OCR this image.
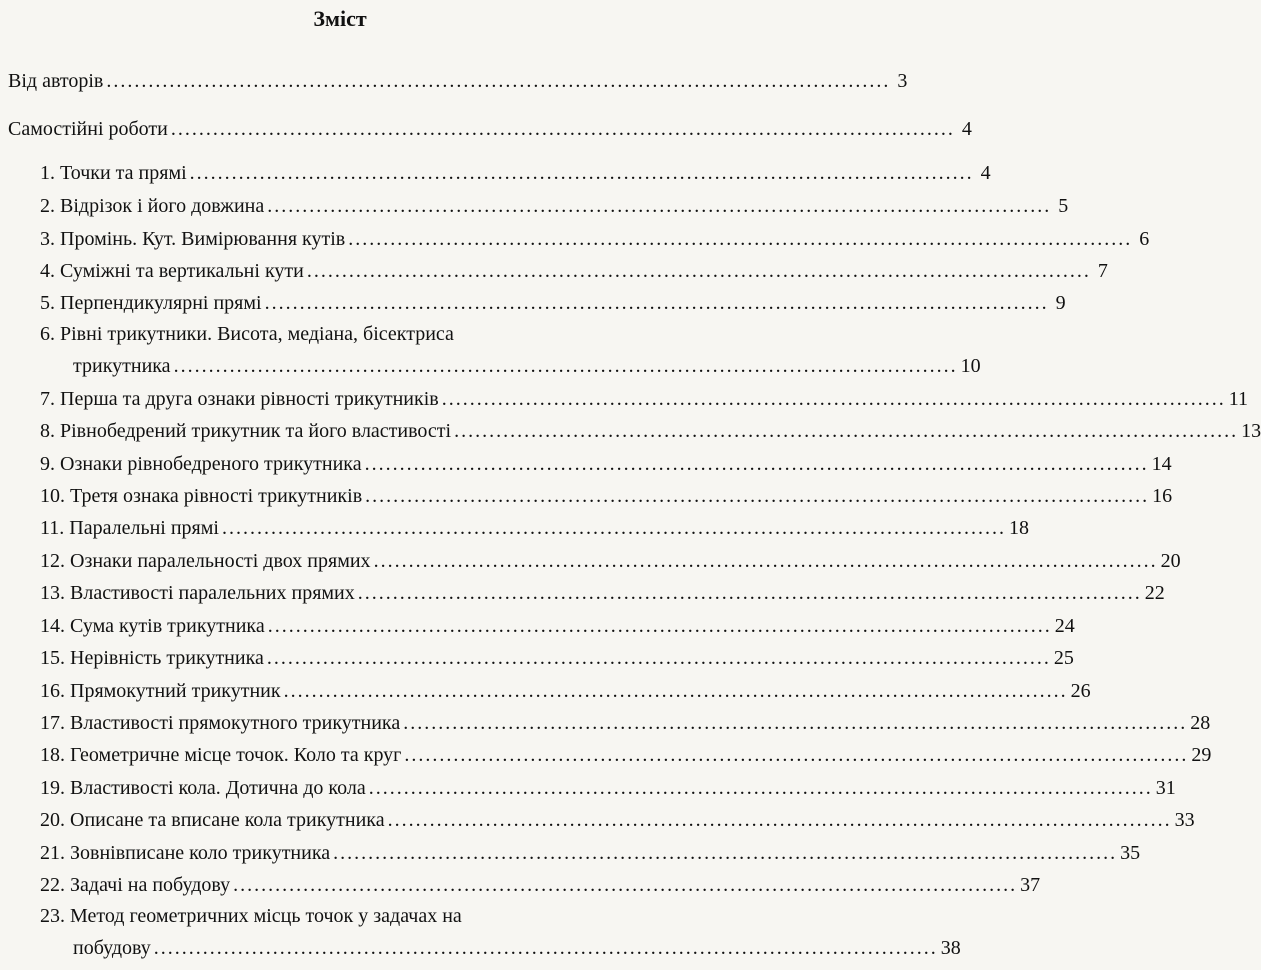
Зміст
Від авторів ................................................................................................................ 3
Самостійні роботи ................................................................................................................ 4
1. Точки та прямі ................................................................................................................ 4
2. Відрізок і його довжина ................................................................................................................ 5
3. Промінь. Кут. Вимірювання кутів ................................................................................................................ 6
4. Суміжні та вертикальні кути ................................................................................................................ 7
5. Перпендикулярні прямі ................................................................................................................ 9
6. Рівні трикутники. Висота, медіана, бісектриса
трикутника ................................................................................................................ 10
7. Перша та друга ознаки рівності трикутників ................................................................................................................ 11
8. Рівнобедрений трикутник та його властивості ................................................................................................................ 13
9. Ознаки рівнобедреного трикутника ................................................................................................................ 14
10. Третя ознака рівності трикутників ................................................................................................................ 16
11. Паралельні прямі ................................................................................................................ 18
12. Ознаки паралельності двох прямих ................................................................................................................ 20
13. Властивості паралельних прямих ................................................................................................................ 22
14. Сума кутів трикутника ................................................................................................................ 24
15. Нерівність трикутника ................................................................................................................ 25
16. Прямокутний трикутник ................................................................................................................ 26
17. Властивості прямокутного трикутника ................................................................................................................ 28
18. Геометричне місце точок. Коло та круг ................................................................................................................ 29
19. Властивості кола. Дотична до кола ................................................................................................................ 31
20. Описане та вписане кола трикутника ................................................................................................................ 33
21. Зовнівписане коло трикутника ................................................................................................................ 35
22. Задачі на побудову ................................................................................................................ 37
23. Метод геометричних місць точок у задачах на
побудову ................................................................................................................ 38
